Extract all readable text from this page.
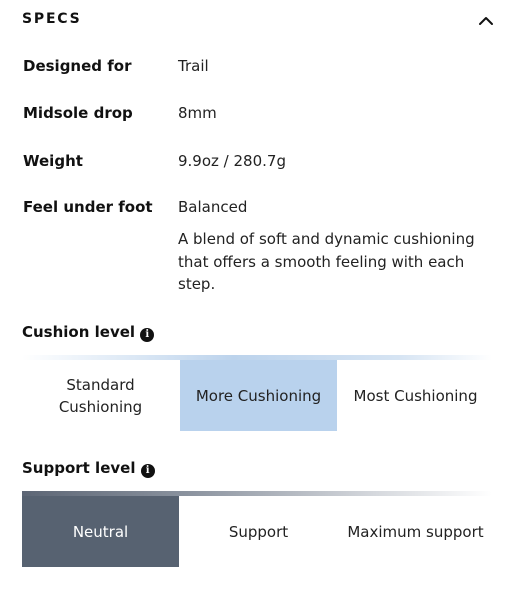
SPECS
Designed for	Trail
Midsole drop	8mm
Weight	9.9oz / 280.7g
Feel under foot Balanced
A blend of soft and dynamic cushioning that offers a smooth feeling with each step.
Cushion level i
Standard Cushioning
More Cushioning	Most Cushioning
Support level i
Neutral	Support	Maximum support
